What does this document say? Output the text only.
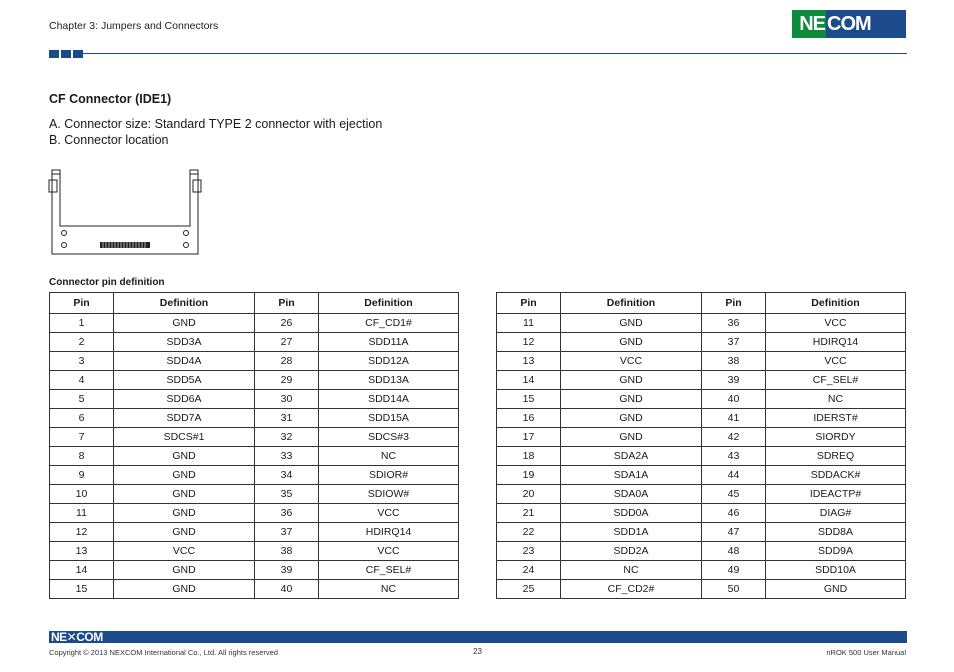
Chapter 3: Jumpers and Connectors	NE COM
CF Connector (IDE1)
A. Connector size: Standard TYPE 2 connector with ejection
B. Connector location
Connector pin definition
Pin	Definition	Pin	Definition
1	GND	26	CF_CD1#
2	SDD3A	27	SDD11A
3	SDD4A	28	SDD12A
4	SDD5A	29	SDD13A
5	SDD6A	30	SDD14A
6	SDD7A	31	SDD15A
7	SDCS#1	32	SDCS#3
8	GND	33	NC
9	GND	34	SDIOR#
10	GND	35	SDIOW#
11	GND	36	VCC
12	GND	37	HDIRQ14
13	VCC	38	VCC
14	GND	39	CF_SEL#
15	GND	40	NC
Pin	Definition	Pin	Definition
11	GND	36	VCC
12	GND	37	HDIRQ14
13	VCC	38	VCC
14	GND	39	CF_SEL#
15	GND	40	NC
16	GND	41	IDERST#
17	GND	42	SIORDY
18	SDA2A	43	SDREQ
19	SDA1A	44	SDDACK#
20	SDA0A	45	IDEACTP#
21	SDD0A	46	DIAG#
22	SDD1A	47	SDD8A
23	SDD2A	48	SDD9A
24	NC	49	SDD10A
25	CF_CD2#	50	GND
NE✕COM
Copyright © 2013 NEXCOM International Co., Ltd. All rights reserved	23	nROK 500 User Manual
